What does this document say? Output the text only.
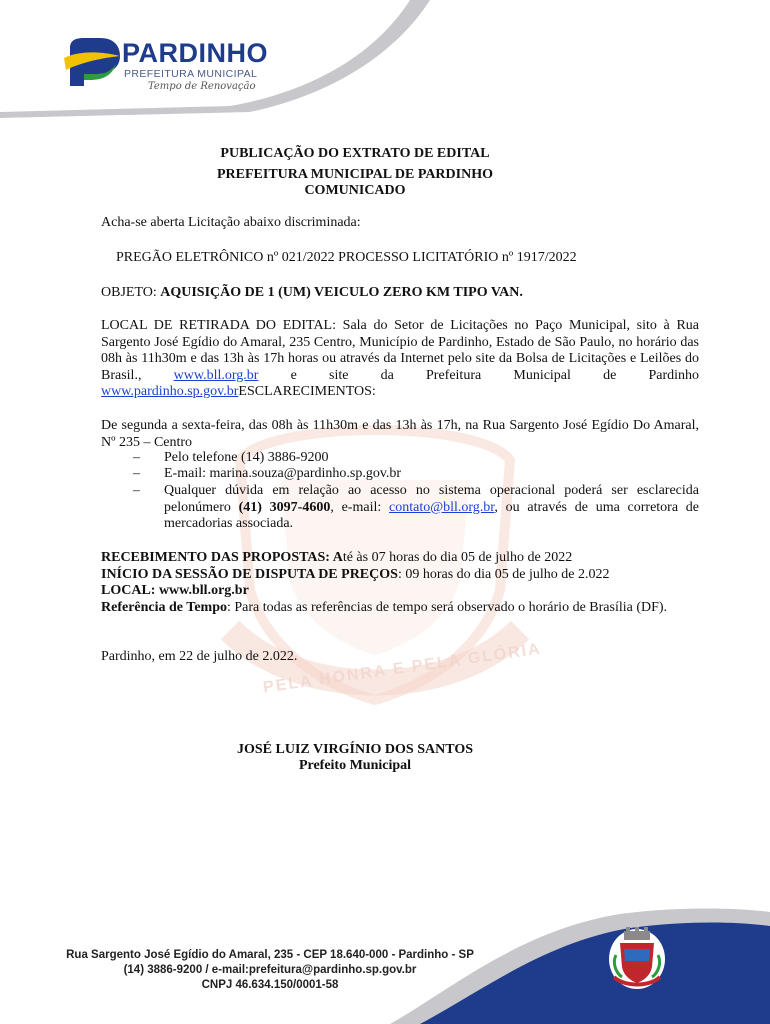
PARDINHO
PREFEITURA MUNICIPAL
Tempo de Renovação
PELA HONRA E PELA GLÓRIA
PUBLICAÇÃO DO EXTRATO DE EDITAL
PREFEITURA MUNICIPAL DE PARDINHO
COMUNICADO
Acha-se aberta Licitação abaixo discriminada:
PREGÃO ELETRÔNICO nº 021/2022 PROCESSO LICITATÓRIO nº 1917/2022
OBJETO: AQUISIÇÃO DE 1 (UM) VEICULO ZERO KM TIPO VAN.
LOCAL DE RETIRADA DO EDITAL: Sala do Setor de Licitações no Paço Municipal, sito à Rua Sargento José Egídio do Amaral, 235 Centro, Município de Pardinho, Estado de São Paulo, no horário das 08h às 11h30m e das 13h às 17h horas ou através da Internet pelo site da Bolsa de Licitações e Leilões do Brasil., www.bll.org.br e site da Prefeitura Municipal de Pardinho www.pardinho.sp.gov.brESCLARECIMENTOS:
De segunda a sexta-feira, das 08h às 11h30m e das 13h às 17h, na Rua Sargento José Egídio Do Amaral, Nº 235 – Centro
– Pelo telefone (14) 3886-9200
– E-mail: marina.souza@pardinho.sp.gov.br
– Qualquer dúvida em relação ao acesso no sistema operacional poderá ser esclarecida pelonúmero (41) 3097-4600, e-mail: contato@bll.org.br, ou através de uma corretora de mercadorias associada.
RECEBIMENTO DAS PROPOSTAS: Até às 07 horas do dia 05 de julho de 2022
INÍCIO DA SESSÃO DE DISPUTA DE PREÇOS: 09 horas do dia 05 de julho de 2.022
LOCAL: www.bll.org.br
Referência de Tempo: Para todas as referências de tempo será observado o horário de Brasília (DF).
Pardinho, em 22 de julho de 2.022.
JOSÉ LUIZ VIRGÍNIO DOS SANTOS
Prefeito Municipal
Rua Sargento José Egídio do Amaral, 235 - CEP 18.640-000 - Pardinho - SP
(14) 3886-9200 / e-mail:prefeitura@pardinho.sp.gov.br
CNPJ 46.634.150/0001-58
